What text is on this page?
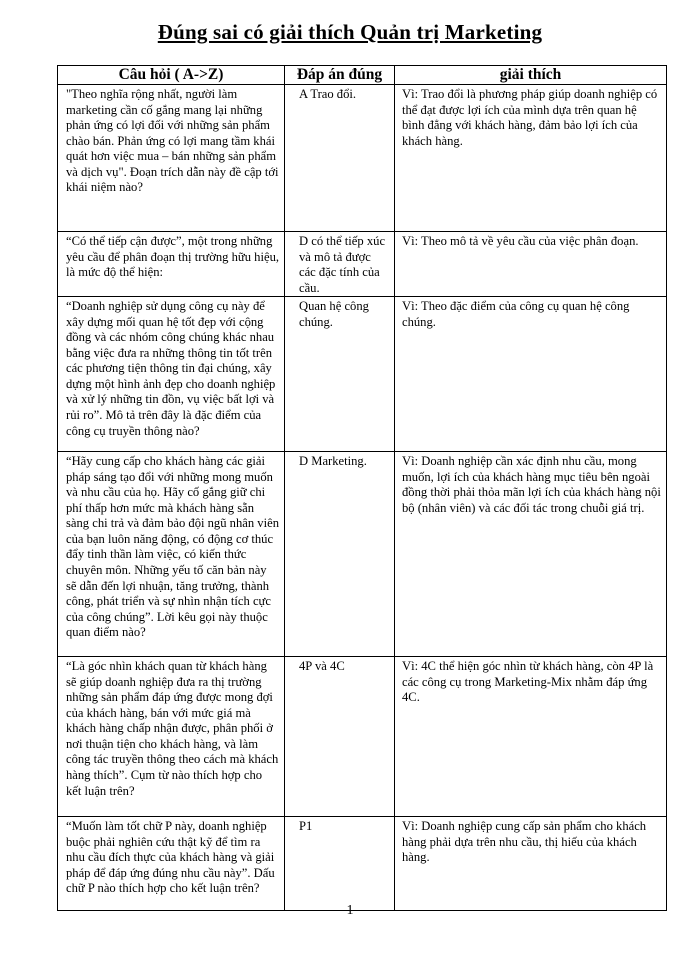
Đúng sai có giải thích Quản trị Marketing
Câu hỏi ( A->Z)	Đáp án đúng	giải thích
"Theo nghĩa rộng nhất, người làm marketing cần cố gắng mang lại những phản ứng có lợi đối với những sản phẩm chào bán. Phản ứng có lợi mang tầm khái quát hơn việc mua – bán những sản phẩm và dịch vụ". Đoạn trích dẫn này đề cập tới khái niệm nào?	A Trao đổi.	Vì: Trao đổi là phương pháp giúp doanh nghiệp có thể đạt được lợi ích của mình dựa trên quan hệ bình đẳng với khách hàng, đảm bảo lợi ích của khách hàng.
“Có thể tiếp cận được”, một trong những yêu cầu để phân đoạn thị trường hữu hiệu, là mức độ thể hiện:	D có thể tiếp xúc và mô tả được các đặc tính của cầu.	Vì: Theo mô tả về yêu cầu của việc phân đoạn.
“Doanh nghiệp sử dụng công cụ này để xây dựng mối quan hệ tốt đẹp với cộng đồng và các nhóm công chúng khác nhau bằng việc đưa ra những thông tin tốt trên các phương tiện thông tin đại chúng, xây dựng một hình ảnh đẹp cho doanh nghiệp và xử lý những tin đồn, vụ việc bất lợi và rủi ro”. Mô tả trên đây là đặc điểm của công cụ truyền thông nào?	Quan hệ công chúng.	Vì: Theo đặc điểm của công cụ quan hệ công chúng.
“Hãy cung cấp cho khách hàng các giải pháp sáng tạo đổi với những mong muốn và nhu cầu của họ. Hãy cố gắng giữ chi phí thấp hơn mức mà khách hàng sẵn sàng chi trả và đảm bảo đội ngũ nhân viên của bạn luôn năng động, có động cơ thúc đẩy tinh thần làm việc, có kiến thức chuyên môn. Những yếu tố căn bản này sẽ dẫn đến lợi nhuận, tăng trưởng, thành công, phát triển và sự nhìn nhận tích cực của công chúng”. Lời kêu gọi này thuộc quan điểm nào?	D Marketing.	Vì: Doanh nghiệp cần xác định nhu cầu, mong muốn, lợi ích của khách hàng mục tiêu bên ngoài đồng thời phải thỏa mãn lợi ích của khách hàng nội bộ (nhân viên) và các đối tác trong chuỗi giá trị.
“Là góc nhìn khách quan từ khách hàng sẽ giúp doanh nghiệp đưa ra thị trường những sản phẩm đáp ứng được mong đợi của khách hàng, bán với mức giá mà khách hàng chấp nhận được, phân phối ở nơi thuận tiện cho khách hàng, và làm công tác truyền thông theo cách mà khách hàng thích”. Cụm từ nào thích hợp cho kết luận trên?	4P và 4C	Vì: 4C thể hiện góc nhìn từ khách hàng, còn 4P là các công cụ trong Marketing-Mix nhằm đáp ứng 4C.
“Muốn làm tốt chữ P này, doanh nghiệp buộc phải nghiên cứu thật kỹ để tìm ra nhu cầu đích thực của khách hàng và giải pháp để đáp ứng đúng nhu cầu này”. Dấu chữ P nào thích hợp cho kết luận trên?	P1	Vì: Doanh nghiệp cung cấp sản phẩm cho khách hàng phải dựa trên nhu cầu, thị hiếu của khách hàng.
1
